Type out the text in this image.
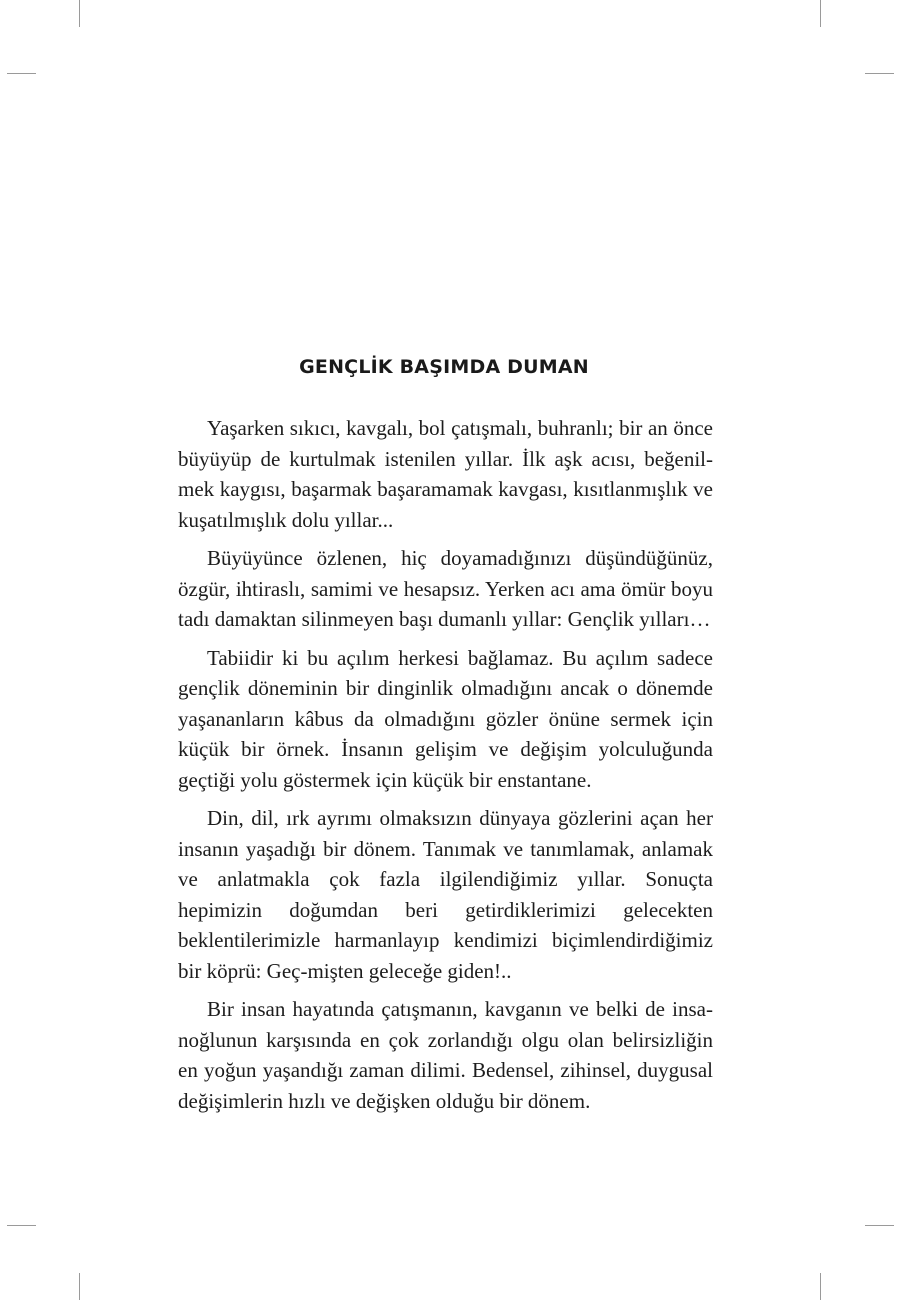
GENÇLİK BAŞIMDA DUMAN

Yaşarken sıkıcı, kavgalı, bol çatışmalı, buhranlı; bir an önce büyüyüp de kurtulmak istenilen yıllar. İlk aşk acısı, beğenil-mek kaygısı, başarmak başaramamak kavgası, kısıtlanmışlık ve kuşatılmışlık dolu yıllar...

Büyüyünce özlenen, hiç doyamadığınızı düşündüğünüz, özgür, ihtiraslı, samimi ve hesapsız. Yerken acı ama ömür boyu tadı damaktan silinmeyen başı dumanlı yıllar: Gençlik yılları…

Tabiidir ki bu açılım herkesi bağlamaz. Bu açılım sadece gençlik döneminin bir dinginlik olmadığını ancak o dönemde yaşananların kâbus da olmadığını gözler önüne sermek için küçük bir örnek. İnsanın gelişim ve değişim yolculuğunda geçtiği yolu göstermek için küçük bir enstantane.

Din, dil, ırk ayrımı olmaksızın dünyaya gözlerini açan her insanın yaşadığı bir dönem. Tanımak ve tanımlamak, anlamak ve anlatmakla çok fazla ilgilendiğimiz yıllar. Sonuçta hepimizin doğumdan beri getirdiklerimizi gelecekten beklentilerimizle harmanlayıp kendimizi biçimlendirdiğimiz bir köprü: Geç-mişten geleceğe giden!..

Bir insan hayatında çatışmanın, kavganın ve belki de insa-noğlunun karşısında en çok zorlandığı olgu olan belirsizliğin en yoğun yaşandığı zaman dilimi. Bedensel, zihinsel, duygusal değişimlerin hızlı ve değişken olduğu bir dönem.
